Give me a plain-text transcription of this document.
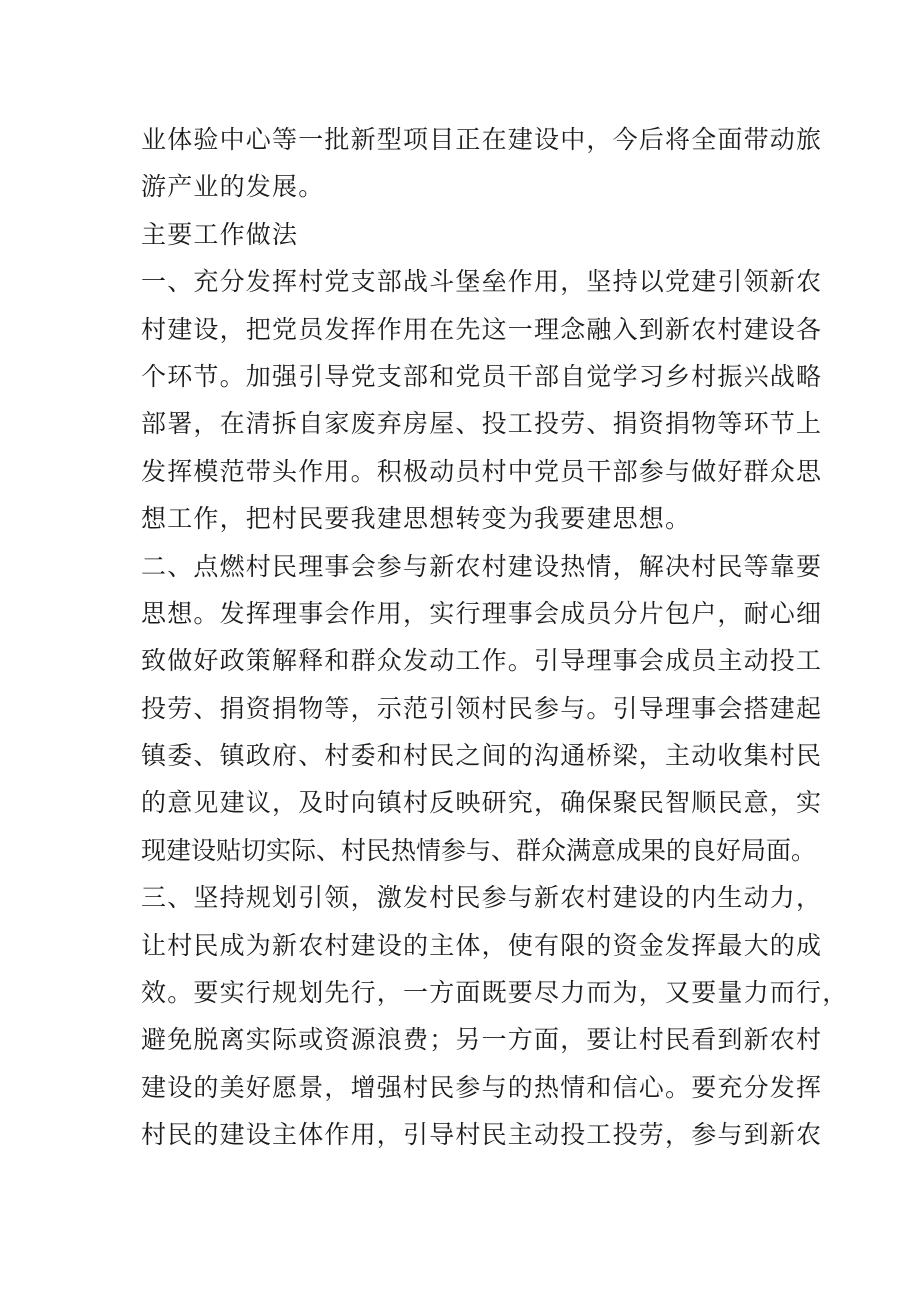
业体验中心等一批新型项目正在建设中，今后将全面带动旅
游产业的发展。
主要工作做法
一、充分发挥村党支部战斗堡垒作用，坚持以党建引领新农
村建设，把党员发挥作用在先这一理念融入到新农村建设各
个环节。加强引导党支部和党员干部自觉学习乡村振兴战略
部署，在清拆自家废弃房屋、投工投劳、捐资捐物等环节上
发挥模范带头作用。积极动员村中党员干部参与做好群众思
想工作，把村民要我建思想转变为我要建思想。
二、点燃村民理事会参与新农村建设热情，解决村民等靠要
思想。发挥理事会作用，实行理事会成员分片包户，耐心细
致做好政策解释和群众发动工作。引导理事会成员主动投工
投劳、捐资捐物等，示范引领村民参与。引导理事会搭建起
镇委、镇政府、村委和村民之间的沟通桥梁，主动收集村民
的意见建议，及时向镇村反映研究，确保聚民智顺民意，实
现建设贴切实际、村民热情参与、群众满意成果的良好局面。
三、坚持规划引领，激发村民参与新农村建设的内生动力，
让村民成为新农村建设的主体，使有限的资金发挥最大的成
效。要实行规划先行，一方面既要尽力而为，又要量力而行，
避免脱离实际或资源浪费；另一方面，要让村民看到新农村
建设的美好愿景，增强村民参与的热情和信心。要充分发挥
村民的建设主体作用，引导村民主动投工投劳，参与到新农
